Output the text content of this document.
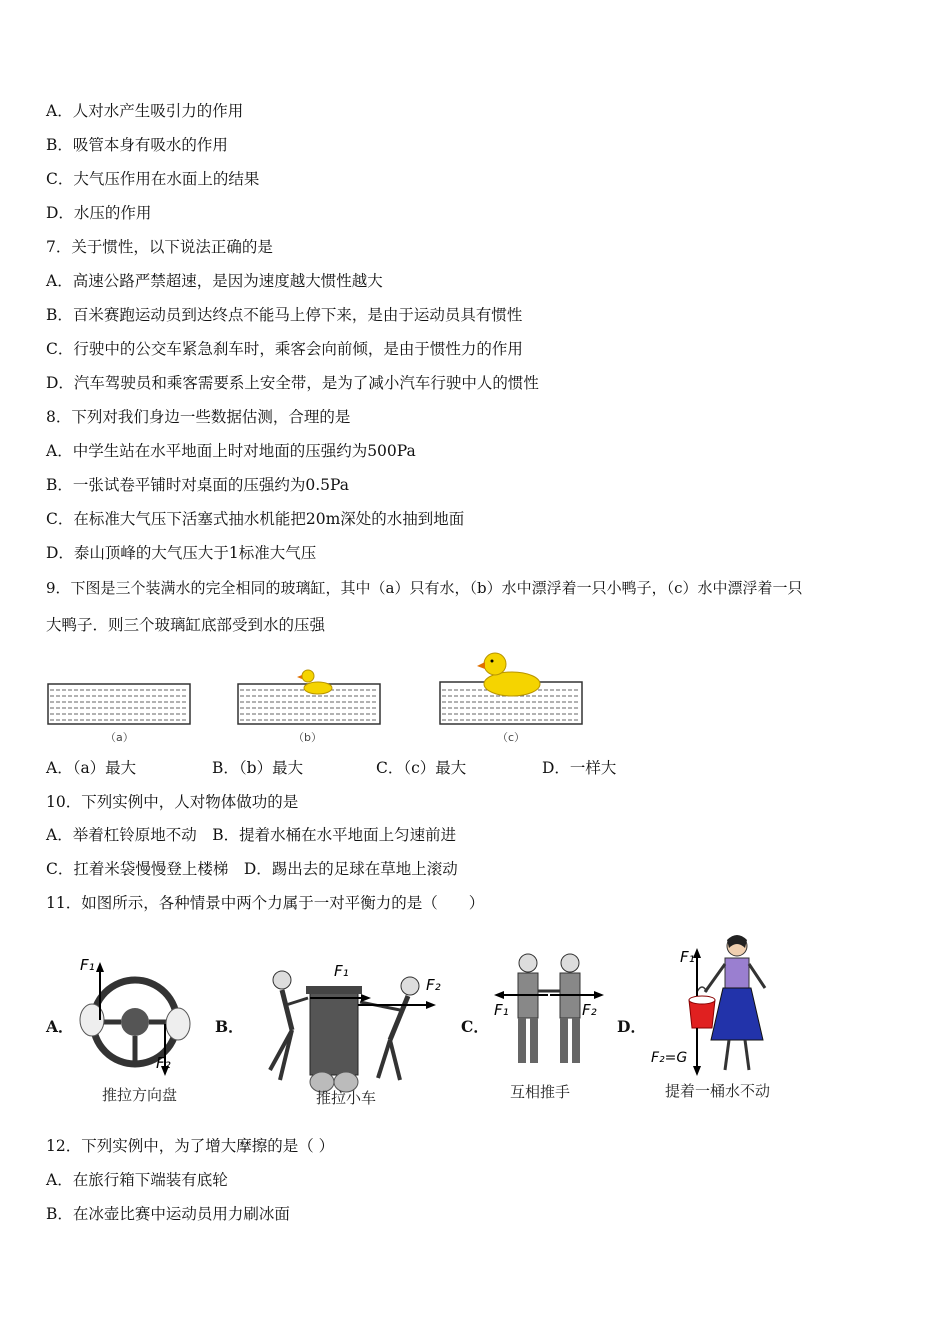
A．人对水产生吸引力的作用
B．吸管本身有吸水的作用
C．大气压作用在水面上的结果
D．水压的作用
7．关于惯性，以下说法正确的是
A．高速公路严禁超速，是因为速度越大惯性越大
B．百米赛跑运动员到达终点不能马上停下来，是由于运动员具有惯性
C．行驶中的公交车紧急刹车时，乘客会向前倾，是由于惯性力的作用
D．汽车驾驶员和乘客需要系上安全带，是为了减小汽车行驶中人的惯性
8．下列对我们身边一些数据估测，合理的是
A．中学生站在水平地面上时对地面的压强约为500Pa
B．一张试卷平铺时对桌面的压强约为0.5Pa
C．在标准大气压下活塞式抽水机能把20m深处的水抽到地面
D．泰山顶峰的大气压大于1标准大气压
9．下图是三个装满水的完全相同的玻璃缸，其中（a）只有水，（b）水中漂浮着一只小鸭子，（c）水中漂浮着一只
大鸭子．则三个玻璃缸底部受到水的压强
（a）	（b）	（c）
A．（a）最大	B．（b）最大	C．（c）最大	D．一样大
10．下列实例中，人对物体做功的是
A．举着杠铃原地不动　B．提着水桶在水平地面上匀速前进
C．扛着米袋慢慢登上楼梯　D．踢出去的足球在草地上滚动
11．如图所示，各种情景中两个力属于一对平衡力的是（　　）
A．	B．	C．	D．
F₁
F₂
推拉方向盘
F₁
F₂
推拉小车
F₁	F₂
互相推手
F₁
F₂=G
提着一桶水不动
12．下列实例中，为了增大摩擦的是（ ）
A．在旅行箱下端装有底轮
B．在冰壶比赛中运动员用力刷冰面
